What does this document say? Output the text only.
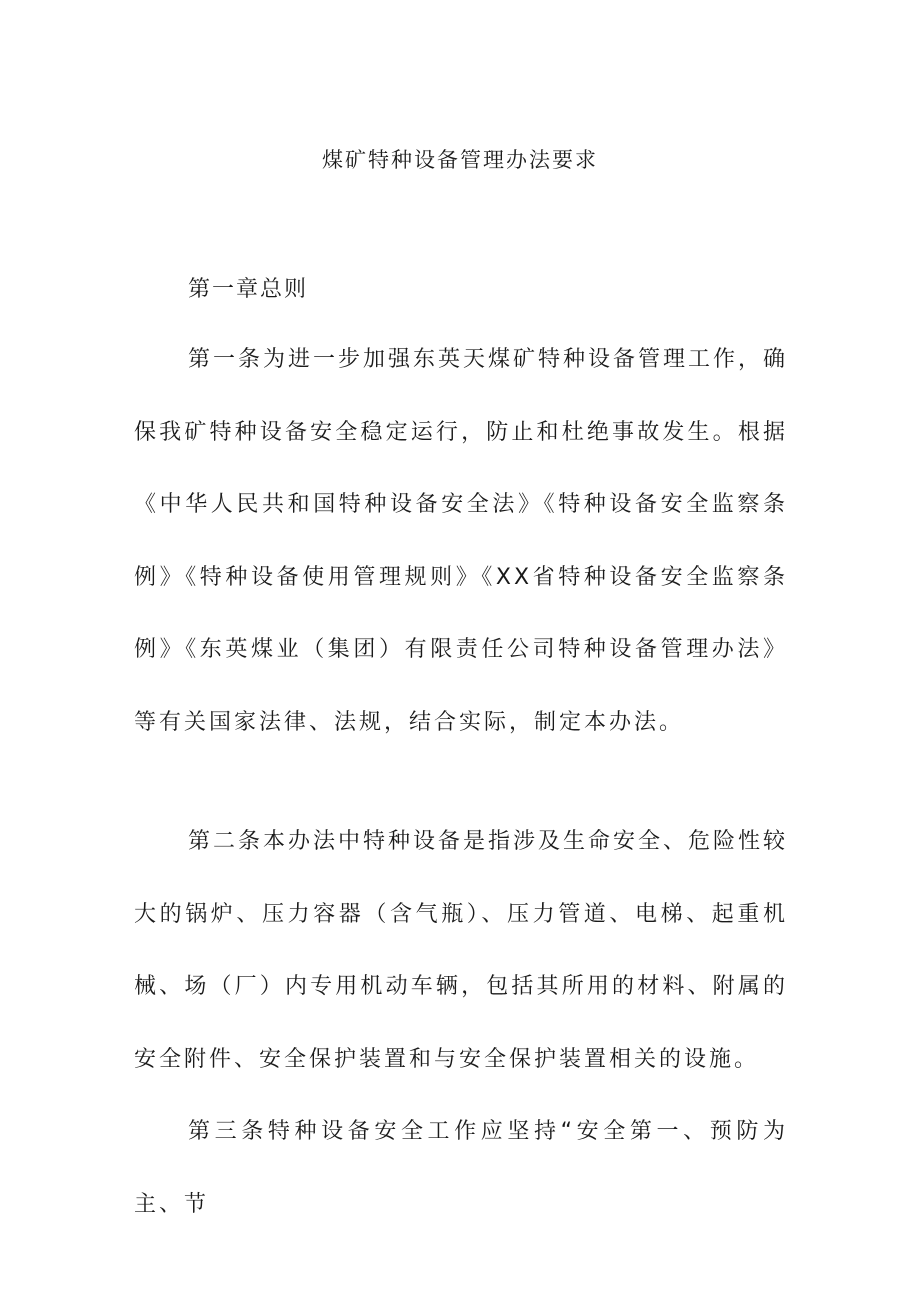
煤矿特种设备管理办法要求
第一章总则

第一条为进一步加强东英天煤矿特种设备管理工作，确保我矿特种设备安全稳定运行，防止和杜绝事故发生。根据《中华人民共和国特种设备安全法》《特种设备安全监察条例》《特种设备使用管理规则》《XX省特种设备安全监察条例》《东英煤业（集团）有限责任公司特种设备管理办法》等有关国家法律、法规，结合实际，制定本办法。

第二条本办法中特种设备是指涉及生命安全、危险性较大的锅炉、压力容器（含气瓶）、压力管道、电梯、起重机械、场（厂）内专用机动车辆，包括其所用的材料、附属的安全附件、安全保护装置和与安全保护装置相关的设施。

第三条特种设备安全工作应坚持“安全第一、预防为主、节
